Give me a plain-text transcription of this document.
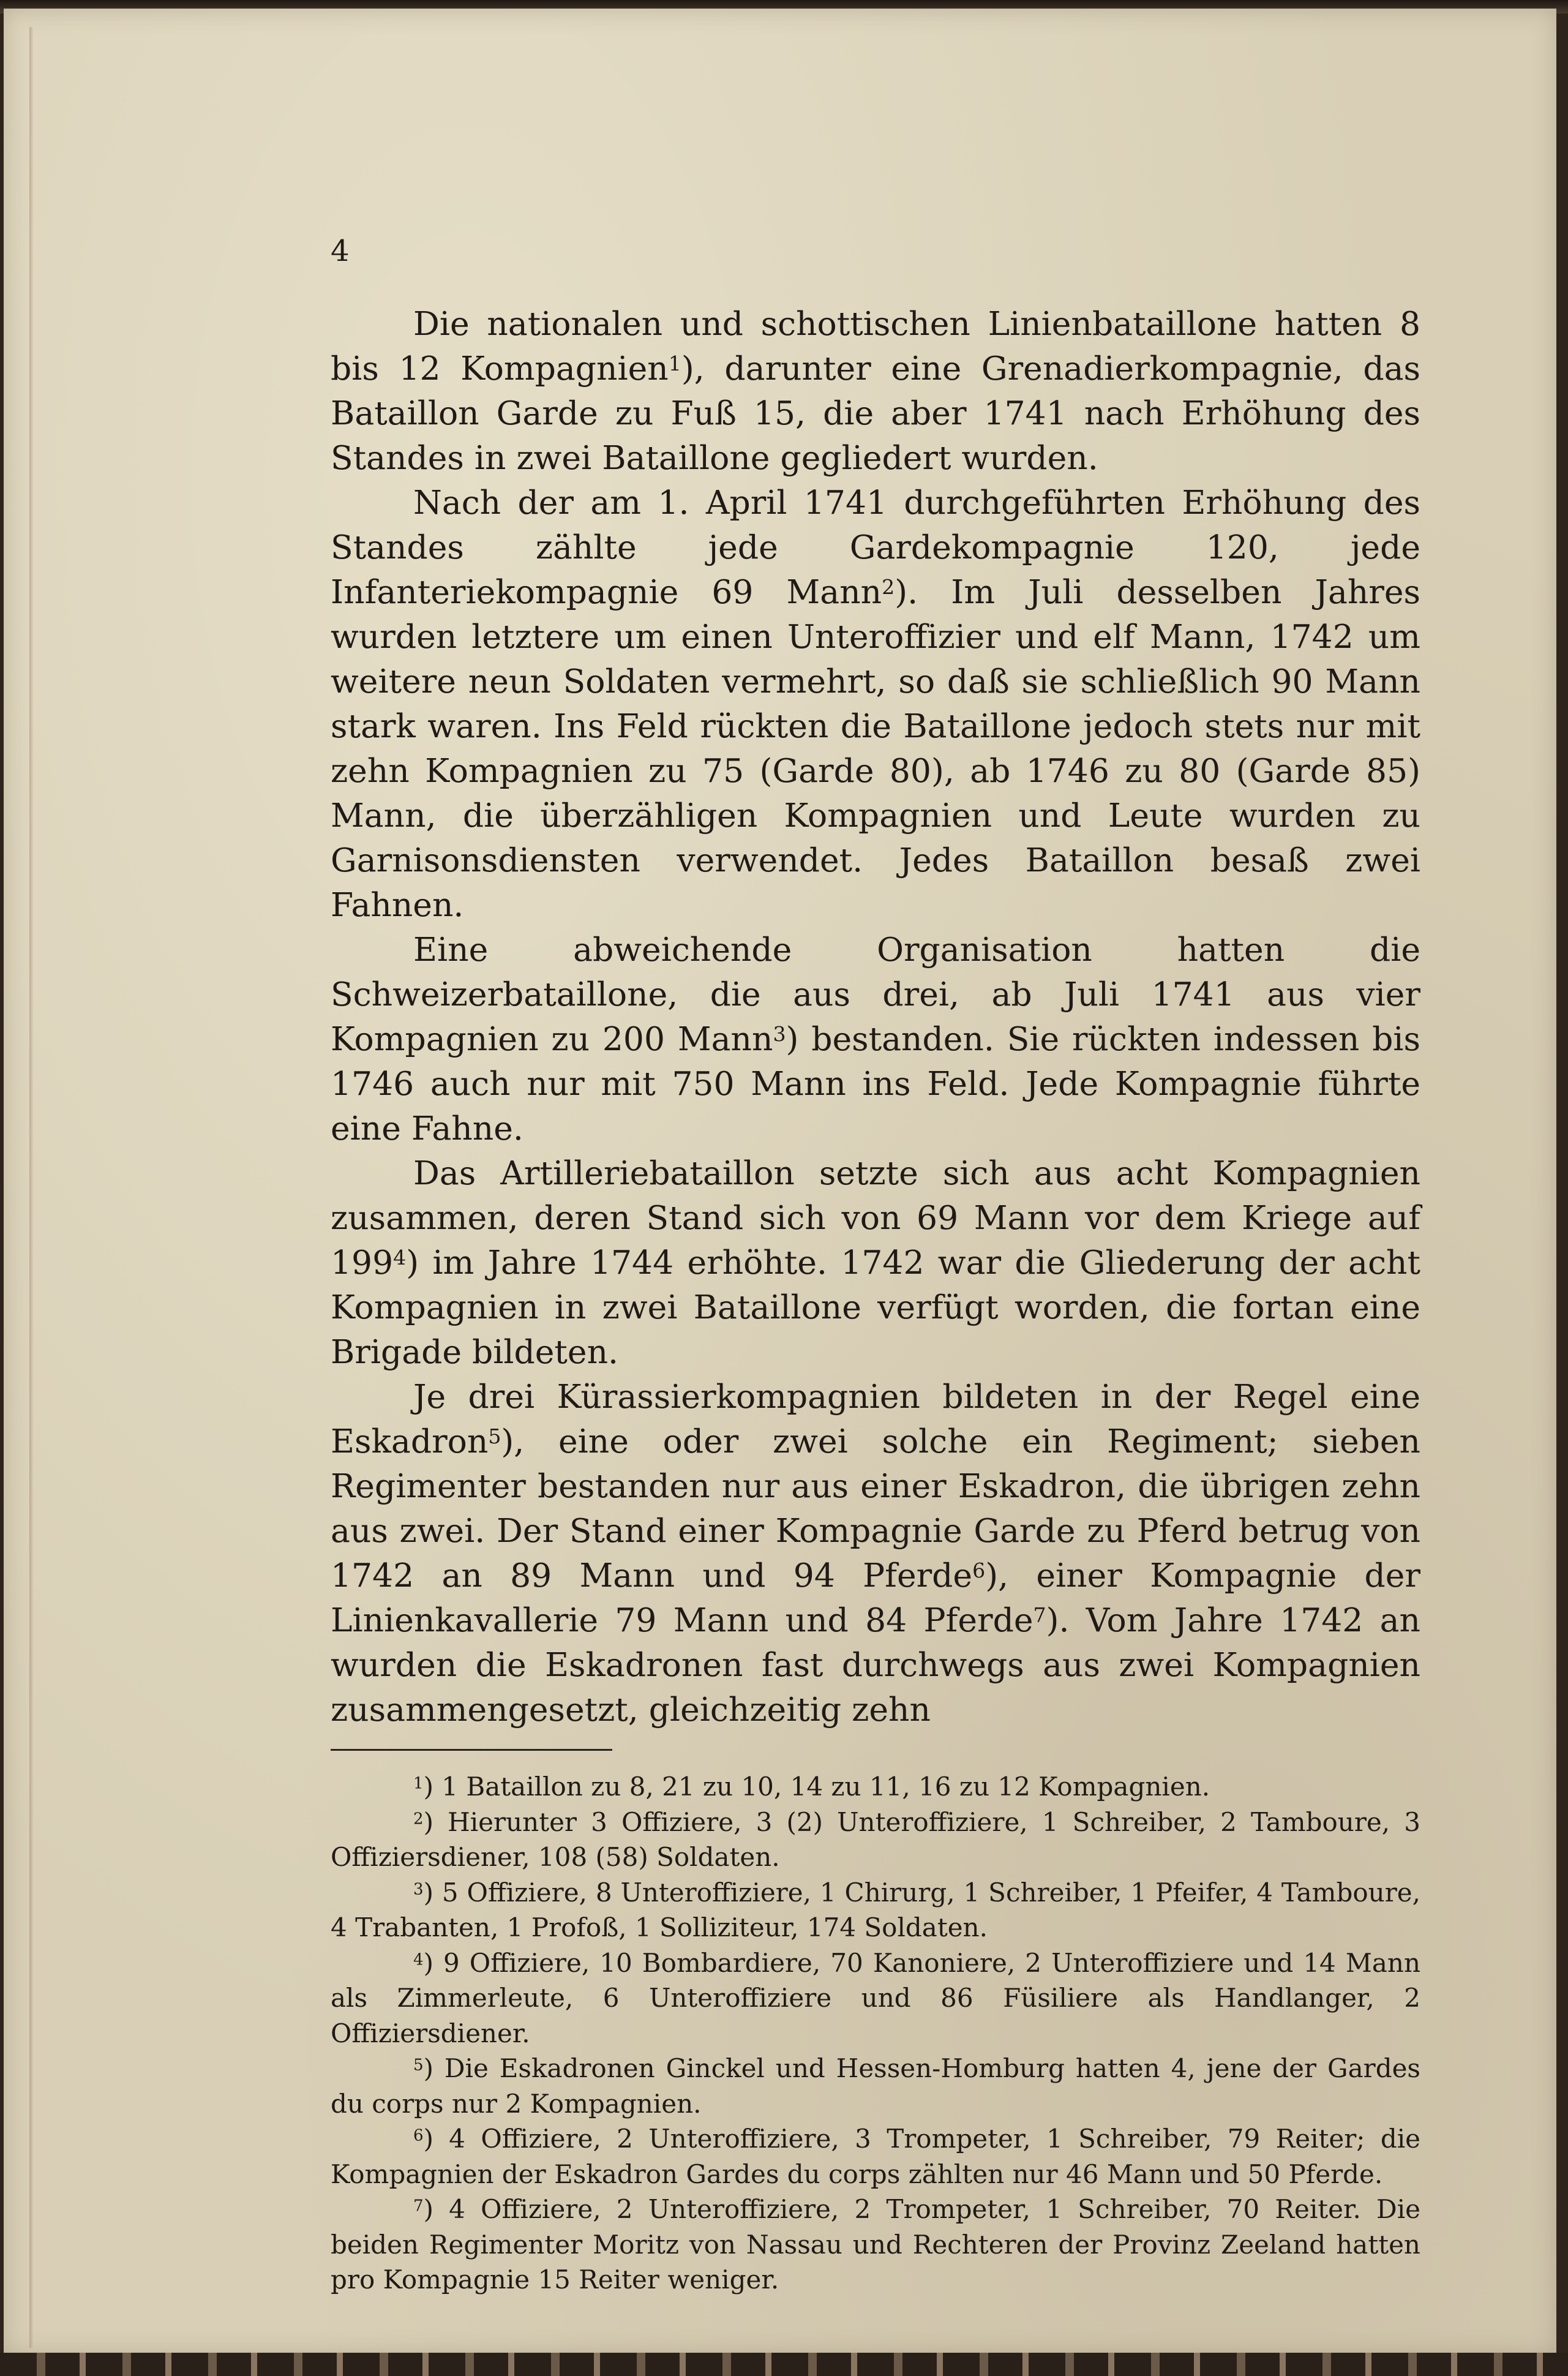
4

Die nationalen und schottischen Linienbataillone hatten 8 bis 12 Kompagnien$^1$), darunter eine Grenadierkompagnie, das Bataillon Garde zu Fuß 15, die aber 1741 nach Erhöhung des Standes in zwei Bataillone gegliedert wurden.

Nach der am 1. April 1741 durchgeführten Erhöhung des Standes zählte jede Gardekompagnie 120, jede Infanteriekompagnie 69 Mann$^2$). Im Juli desselben Jahres wurden letztere um einen Unteroffizier und elf Mann, 1742 um weitere neun Soldaten vermehrt, so daß sie schließlich 90 Mann stark waren. Ins Feld rückten die Bataillone jedoch stets nur mit zehn Kompagnien zu 75 (Garde 80), ab 1746 zu 80 (Garde 85) Mann, die überzähligen Kompagnien und Leute wurden zu Garnisonsdiensten verwendet. Jedes Bataillon besaß zwei Fahnen.

Eine abweichende Organisation hatten die Schweizerbataillone, die aus drei, ab Juli 1741 aus vier Kompagnien zu 200 Mann$^3$) bestanden. Sie rückten indessen bis 1746 auch nur mit 750 Mann ins Feld. Jede Kompagnie führte eine Fahne.

Das Artilleriebataillon setzte sich aus acht Kompagnien zusammen, deren Stand sich von 69 Mann vor dem Kriege auf $199^4$) im Jahre 1744 erhöhte. 1742 war die Gliederung der acht Kompagnien in zwei Bataillone verfügt worden, die fortan eine Brigade bildeten.

Je drei Kürassierkompagnien bildeten in der Regel eine Eskadron$^5$), eine oder zwei solche ein Regiment; sieben Regimenter bestanden nur aus einer Eskadron, die übrigen zehn aus zwei. Der Stand einer Kompagnie Garde zu Pferd betrug von 1742 an 89 Mann und 94 Pferde$^6$), einer Kompagnie der Linienkavallerie 79 Mann und 84 Pferde$^7$). Vom Jahre 1742 an wurden die Eskadronen fast durchwegs aus zwei Kompagnien zusammengesetzt, gleichzeitig zehn

$^1$) 1 Bataillon zu 8, 21 zu 10, 14 zu 11, 16 zu 12 Kompagnien.

$^2$) Hierunter 3 Offiziere, 3 (2) Unteroffiziere, 1 Schreiber, 2 Tamboure, 3 Offiziersdiener, 108 (58) Soldaten.

$^3$) 5 Offiziere, 8 Unteroffiziere, 1 Chirurg, 1 Schreiber, 1 Pfeifer, 4 Tamboure, 4 Trabanten, 1 Profoß, 1 Solliziteur, 174 Soldaten.

$^4$) 9 Offiziere, 10 Bombardiere, 70 Kanoniere, 2 Unteroffiziere und 14 Mann als Zimmerleute, 6 Unteroffiziere und 86 Füsiliere als Handlanger, 2 Offiziersdiener.

$^5$) Die Eskadronen Ginckel und Hessen-Homburg hatten 4, jene der Gardes du corps nur 2 Kompagnien.

$^6$) 4 Offiziere, 2 Unteroffiziere, 3 Trompeter, 1 Schreiber, 79 Reiter; die Kompagnien der Eskadron Gardes du corps zählten nur 46 Mann und 50 Pferde.

$^7$) 4 Offiziere, 2 Unteroffiziere, 2 Trompeter, 1 Schreiber, 70 Reiter. Die beiden Regimenter Moritz von Nassau und Rechteren der Provinz Zeeland hatten pro Kompagnie 15 Reiter weniger.
